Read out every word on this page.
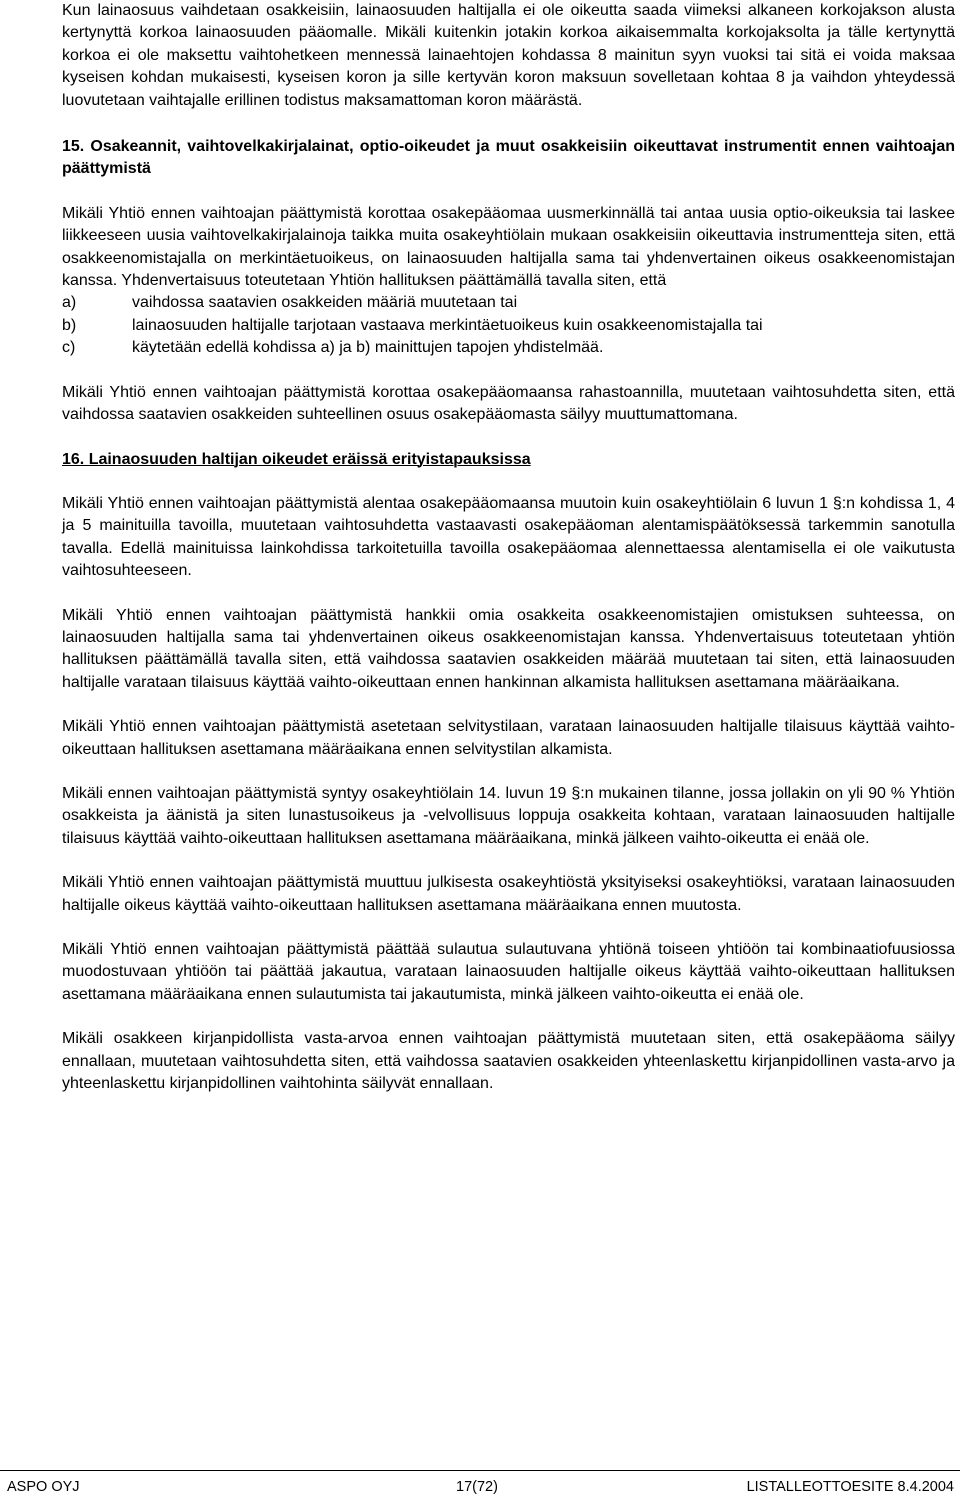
Kun lainaosuus vaihdetaan osakkeisiin, lainaosuuden haltijalla ei ole oikeutta saada viimeksi alkaneen korkojakson alusta kertynyttä korkoa lainaosuuden pääomalle. Mikäli kuitenkin jotakin korkoa aikaisemmalta korkojaksolta ja tälle kertynyttä korkoa ei ole maksettu vaihtohetkeen mennessä lainaehtojen kohdassa 8 mainitun syyn vuoksi tai sitä ei voida maksaa kyseisen kohdan mukaisesti, kyseisen koron ja sille kertyvän koron maksuun sovelletaan kohtaa 8 ja vaihdon yhteydessä luovutetaan vaihtajalle erillinen todistus maksamattoman koron määrästä.

15. Osakeannit, vaihtovelkakirjalainat, optio-oikeudet ja muut osakkeisiin oikeuttavat instrumentit ennen vaihtoajan päättymistä

Mikäli Yhtiö ennen vaihtoajan päättymistä korottaa osakepääomaa uusmerkinnällä tai antaa uusia optio-oikeuksia tai laskee liikkeeseen uusia vaihtovelkakirjalainoja taikka muita osakeyhtiölain mukaan osakkeisiin oikeuttavia instrumentteja siten, että osakkeenomistajalla on merkintäetuoikeus, on lainaosuuden haltijalla sama tai yhdenvertainen oikeus osakkeenomistajan kanssa. Yhdenvertaisuus toteutetaan Yhtiön hallituksen päättämällä tavalla siten, että

a)	vaihdossa saatavien osakkeiden määriä muutetaan tai
b)	lainaosuuden haltijalle tarjotaan vastaava merkintäetuoikeus kuin osakkeenomistajalla tai
c)	käytetään edellä kohdissa a) ja b) mainittujen tapojen yhdistelmää.

Mikäli Yhtiö ennen vaihtoajan päättymistä korottaa osakepääomaansa rahastoannilla, muutetaan vaihtosuhdetta siten, että vaihdossa saatavien osakkeiden suhteellinen osuus osakepääomasta säilyy muuttumattomana.

16. Lainaosuuden haltijan oikeudet eräissä erityistapauksissa

Mikäli Yhtiö ennen vaihtoajan päättymistä alentaa osakepääomaansa muutoin kuin osakeyhtiölain 6 luvun 1 §:n kohdissa 1, 4 ja 5 mainituilla tavoilla, muutetaan vaihtosuhdetta vastaavasti osakepääoman alentamispäätöksessä tarkemmin sanotulla tavalla. Edellä mainituissa lainkohdissa tarkoitetuilla tavoilla osakepääomaa alennettaessa alentamisella ei ole vaikutusta vaihtosuhteeseen.

Mikäli Yhtiö ennen vaihtoajan päättymistä hankkii omia osakkeita osakkeenomistajien omistuksen suhteessa, on lainaosuuden haltijalla sama tai yhdenvertainen oikeus osakkeenomistajan kanssa. Yhdenvertaisuus toteutetaan yhtiön hallituksen päättämällä tavalla siten, että vaihdossa saatavien osakkeiden määrää muutetaan tai siten, että lainaosuuden haltijalle varataan tilaisuus käyttää vaihto-oikeuttaan ennen hankinnan alkamista hallituksen asettamana määräaikana.

Mikäli Yhtiö ennen vaihtoajan päättymistä asetetaan selvitystilaan, varataan lainaosuuden haltijalle tilaisuus käyttää vaihto-oikeuttaan hallituksen asettamana määräaikana ennen selvitystilan alkamista.

Mikäli ennen vaihtoajan päättymistä syntyy osakeyhtiölain 14. luvun 19 §:n mukainen tilanne, jossa jollakin on yli 90 % Yhtiön osakkeista ja äänistä ja siten lunastusoikeus ja -velvollisuus loppuja osakkeita kohtaan, varataan lainaosuuden haltijalle tilaisuus käyttää vaihto-oikeuttaan hallituksen asettamana määräaikana, minkä jälkeen vaihto-oikeutta ei enää ole.

Mikäli Yhtiö ennen vaihtoajan päättymistä muuttuu julkisesta osakeyhtiöstä yksityiseksi osakeyhtiöksi, varataan lainaosuuden haltijalle oikeus käyttää vaihto-oikeuttaan hallituksen asettamana määräaikana ennen muutosta.

Mikäli Yhtiö ennen vaihtoajan päättymistä päättää sulautua sulautuvana yhtiönä toiseen yhtiöön tai kombinaatiofuusiossa muodostuvaan yhtiöön tai päättää jakautua, varataan lainaosuuden haltijalle oikeus käyttää vaihto-oikeuttaan hallituksen asettamana määräaikana ennen sulautumista tai jakautumista, minkä jälkeen vaihto-oikeutta ei enää ole.

Mikäli osakkeen kirjanpidollista vasta-arvoa ennen vaihtoajan päättymistä muutetaan siten, että osakepääoma säilyy ennallaan, muutetaan vaihtosuhdetta siten, että vaihdossa saatavien osakkeiden yhteenlaskettu kirjanpidollinen vasta-arvo ja yhteenlaskettu kirjanpidollinen vaihtohinta säilyvät ennallaan.

ASPO OYJ	17(72)	LISTALLEOTTOESITE 8.4.2004
